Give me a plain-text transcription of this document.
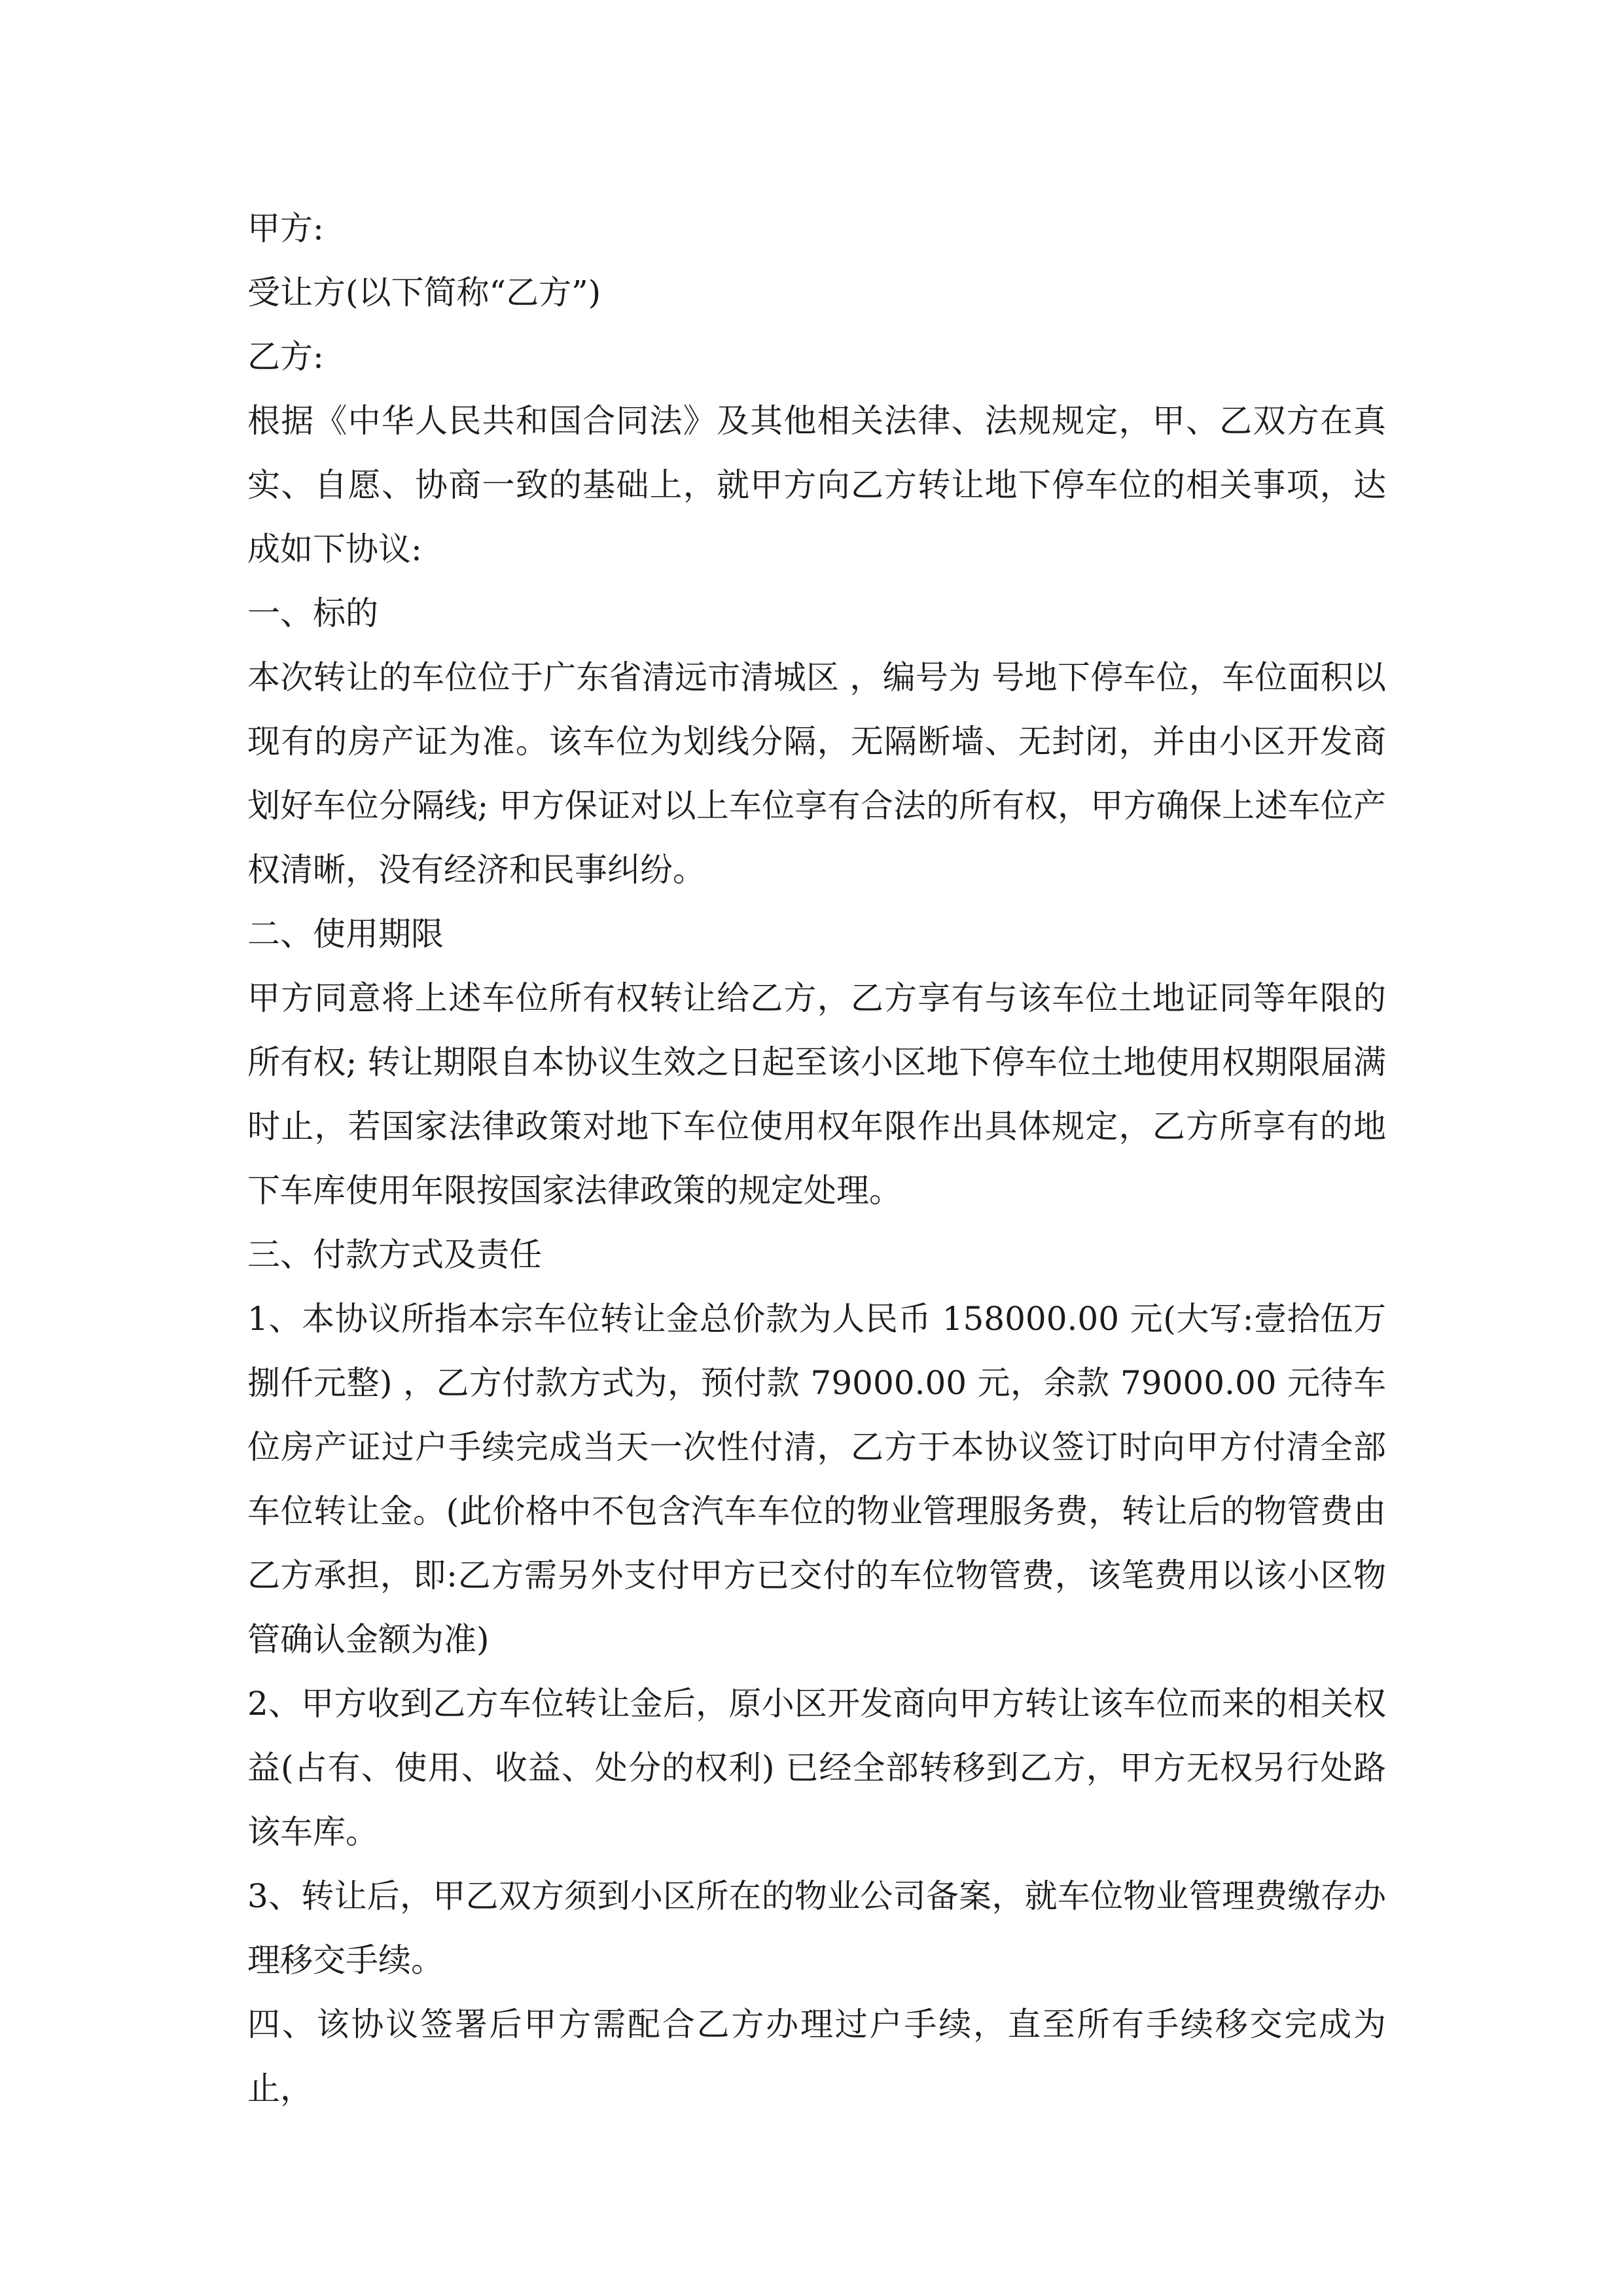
甲方:

受让方(以下简称“乙方”)

乙方:

根据《中华人民共和国合同法》及其他相关法律、法规规定，甲、乙双方在真实、自愿、协商一致的基础上，就甲方向乙方转让地下停车位的相关事项，达成如下协议:

一、标的

本次转让的车位位于广东省清远市清城区 ，编号为 号地下停车位，车位面积以现有的房产证为准。该车位为划线分隔，无隔断墙、无封闭，并由小区开发商划好车位分隔线; 甲方保证对以上车位享有合法的所有权，甲方确保上述车位产权清晰，没有经济和民事纠纷。

二、使用期限

甲方同意将上述车位所有权转让给乙方，乙方享有与该车位土地证同等年限的所有权; 转让期限自本协议生效之日起至该小区地下停车位土地使用权期限届满时止，若国家法律政策对地下车位使用权年限作出具体规定，乙方所享有的地下车库使用年限按国家法律政策的规定处理。

三、付款方式及责任

1、本协议所指本宗车位转让金总价款为人民币 158000.00 元(大写:壹拾伍万捌仟元整) ，乙方付款方式为，预付款 79000.00 元，余款 79000.00 元待车位房产证过户手续完成当天一次性付清，乙方于本协议签订时向甲方付清全部车位转让金。(此价格中不包含汽车车位的物业管理服务费，转让后的物管费由乙方承担，即:乙方需另外支付甲方已交付的车位物管费，该笔费用以该小区物管确认金额为准)

2、甲方收到乙方车位转让金后，原小区开发商向甲方转让该车位而来的相关权益(占有、使用、收益、处分的权利) 已经全部转移到乙方，甲方无权另行处路该车库。

3、转让后，甲乙双方须到小区所在的物业公司备案，就车位物业管理费缴存办理移交手续。

四、该协议签署后甲方需配合乙方办理过户手续，直至所有手续移交完成为止，
